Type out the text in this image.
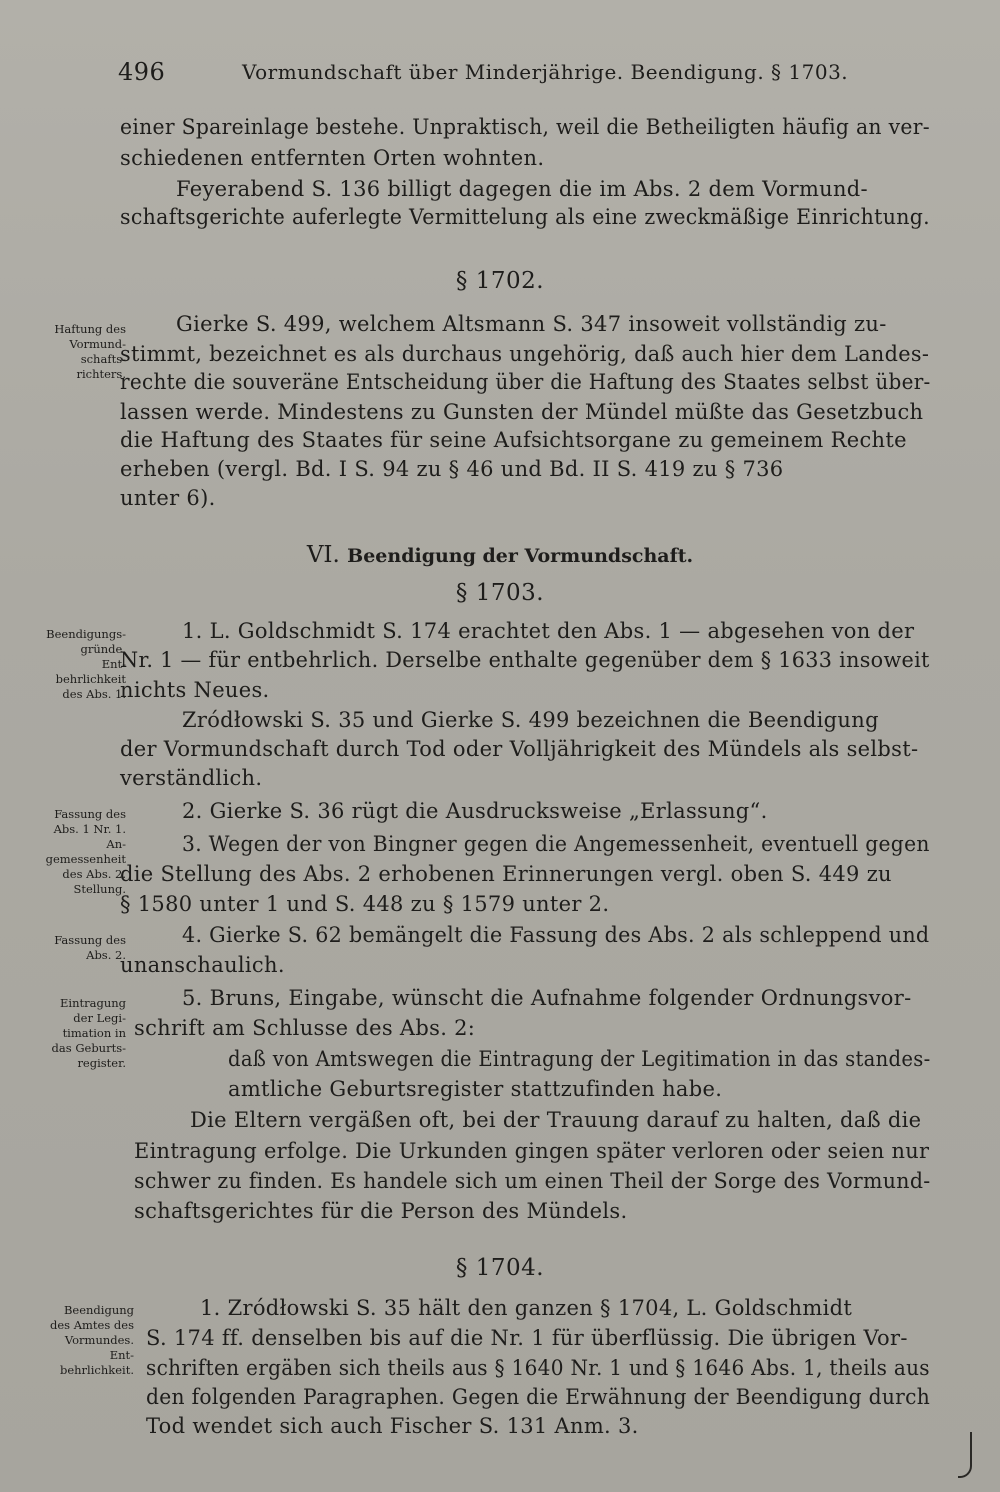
496	Vormundschaft über Minderjährige. Beendigung. § 1703.
einer Spareinlage bestehe. Unpraktisch, weil die Betheiligten häufig an ver-
schiedenen entfernten Orten wohnten.
Feyerabend S. 136 billigt dagegen die im Abs. 2 dem Vormund-
schaftsgerichte auferlegte Vermittelung als eine zweckmäßige Einrichtung.
§ 1702.
Haftung des
Vormund-
schafts-
richters.
Gierke S. 499, welchem Altsmann S. 347 insoweit vollständig zu-
stimmt, bezeichnet es als durchaus ungehörig, daß auch hier dem Landes-
rechte die souveräne Entscheidung über die Haftung des Staates selbst über-
lassen werde. Mindestens zu Gunsten der Mündel müßte das Gesetzbuch
die Haftung des Staates für seine Aufsichtsorgane zu gemeinem Rechte
erheben (vergl. Bd. I S. 94 zu § 46 und Bd. II S. 419 zu § 736
unter 6).
VI. Beendigung der Vormundschaft.
§ 1703.
Beendigungs-
gründe.
Ent-
behrlichkeit
des Abs. 1.
Fassung des
Abs. 1 Nr. 1.
An-
gemessenheit
des Abs. 2.
Stellung.
Fassung des
Abs. 2.
Eintragung
der Legi-
timation in
das Geburts-
register.
1. L. Goldschmidt S. 174 erachtet den Abs. 1 — abgesehen von der
Nr. 1 — für entbehrlich. Derselbe enthalte gegenüber dem § 1633 insoweit
nichts Neues.
Zródłowski S. 35 und Gierke S. 499 bezeichnen die Beendigung
der Vormundschaft durch Tod oder Volljährigkeit des Mündels als selbst-
verständlich.
2. Gierke S. 36 rügt die Ausdrucksweise „Erlassung“.
3. Wegen der von Bingner gegen die Angemessenheit, eventuell gegen
die Stellung des Abs. 2 erhobenen Erinnerungen vergl. oben S. 449 zu
§ 1580 unter 1 und S. 448 zu § 1579 unter 2.
4. Gierke S. 62 bemängelt die Fassung des Abs. 2 als schleppend und
unanschaulich.
5. Bruns, Eingabe, wünscht die Aufnahme folgender Ordnungsvor-
schrift am Schlusse des Abs. 2:
daß von Amtswegen die Eintragung der Legitimation in das standes-
amtliche Geburtsregister stattzufinden habe.
Die Eltern vergäßen oft, bei der Trauung darauf zu halten, daß die
Eintragung erfolge. Die Urkunden gingen später verloren oder seien nur
schwer zu finden. Es handele sich um einen Theil der Sorge des Vormund-
schaftsgerichtes für die Person des Mündels.
§ 1704.
Beendigung
des Amtes des
Vormundes.
Ent-
behrlichkeit.
1. Zródłowski S. 35 hält den ganzen § 1704, L. Goldschmidt
S. 174 ff. denselben bis auf die Nr. 1 für überflüssig. Die übrigen Vor-
schriften ergäben sich theils aus § 1640 Nr. 1 und § 1646 Abs. 1, theils aus
den folgenden Paragraphen. Gegen die Erwähnung der Beendigung durch
Tod wendet sich auch Fischer S. 131 Anm. 3.
